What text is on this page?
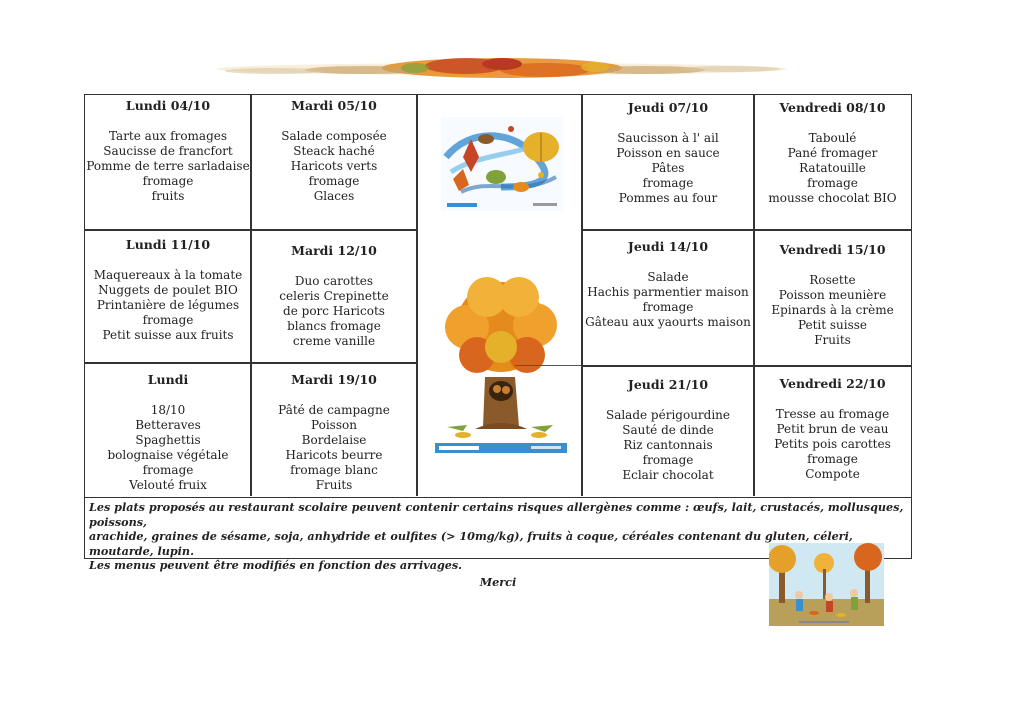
Lundi 04/10
Tarte aux fromages
Saucisse de francfort
Pomme de terre sarladaise
fromage
fruits
Mardi 05/10
Salade composée
Steack haché
Haricots verts
fromage
Glaces
Jeudi 07/10
Saucisson à l' ail
Poisson en sauce
Pâtes
fromage
Pommes au four
Vendredi 08/10
Taboulé
Pané fromager
Ratatouille
fromage
mousse chocolat BIO
Lundi 11/10
Maquereaux à la tomate
Nuggets de poulet BIO
Printanière de légumes
fromage
Petit suisse aux fruits
Mardi 12/10
Duo carottes
celeris Crepinette
de porc Haricots
blancs fromage
creme vanille
Jeudi 14/10
Salade
Hachis parmentier maison
fromage
Gâteau aux yaourts maison
Vendredi 15/10
Rosette
Poisson meunière
Epinards à la crème
Petit suisse
Fruits
Lundi
18/10
Betteraves
Spaghettis
bolognaise végétale
fromage
Velouté fruix
Mardi 19/10
Pâté de campagne
Poisson
Bordelaise
Haricots beurre
fromage blanc
Fruits
Jeudi 21/10
Salade périgourdine
Sauté de dinde
Riz cantonnais
fromage
Eclair chocolat
Vendredi 22/10
Tresse au fromage
Petit brun de veau
Petits pois carottes
fromage
Compote
Les plats proposés au restaurant scolaire peuvent contenir certains risques allergènes comme : œufs, lait, crustacés, mollusques, poissons,
arachide, graines de sésame, soja, anhydride et oulfites (> 10mg/kg), fruits à coque, céréales contenant du gluten, céleri, moutarde, lupin.
Les menus peuvent être modifiés en fonction des arrivages.
Merci
